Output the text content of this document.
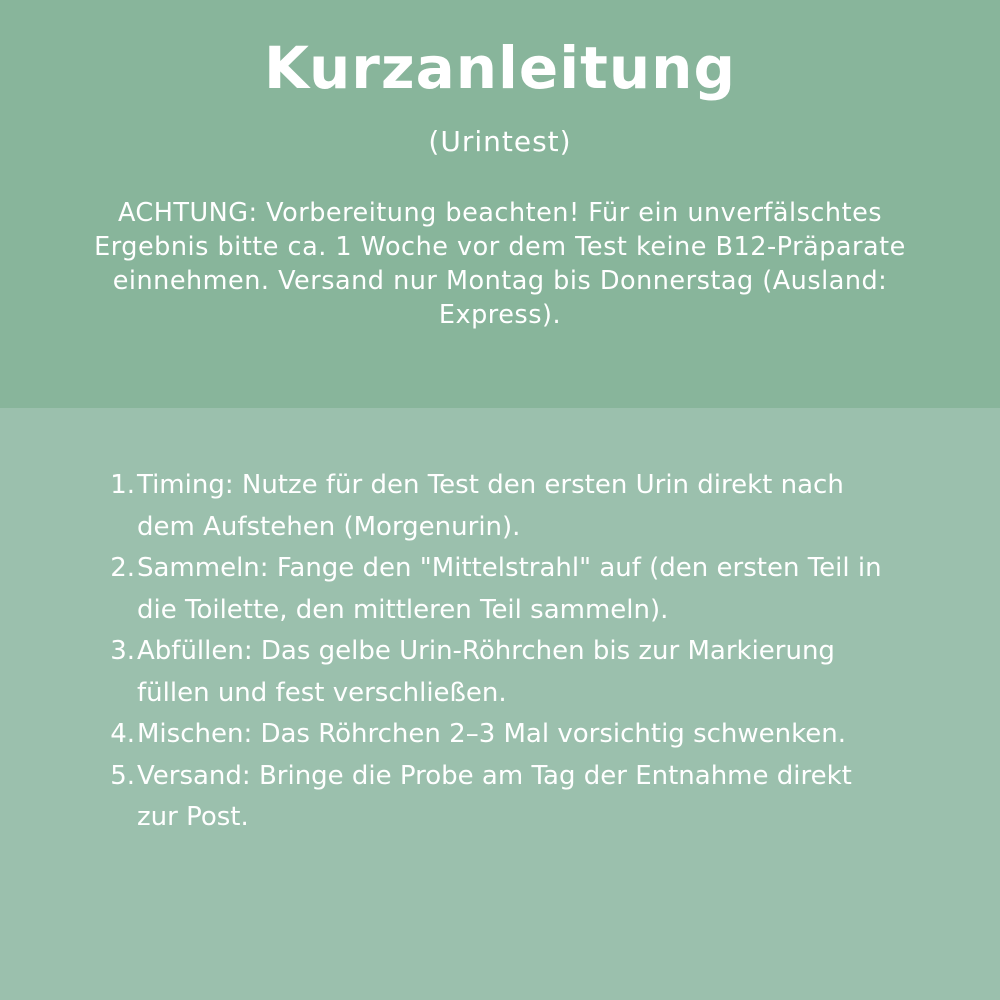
Kurzanleitung
(Urintest)
ACHTUNG: Vorbereitung beachten! Für ein unverfälschtes Ergebnis bitte ca. 1 Woche vor dem Test keine B12-Präparate einnehmen. Versand nur Montag bis Donnerstag (Ausland: Express).
1. Timing: Nutze für den Test den ersten Urin direkt nach dem Aufstehen (Morgenurin).
2. Sammeln: Fange den "Mittelstrahl" auf (den ersten Teil in die Toilette, den mittleren Teil sammeln).
3. Abfüllen: Das gelbe Urin-Röhrchen bis zur Markierung füllen und fest verschließen.
4. Mischen: Das Röhrchen 2–3 Mal vorsichtig schwenken.
5. Versand: Bringe die Probe am Tag der Entnahme direkt zur Post.
